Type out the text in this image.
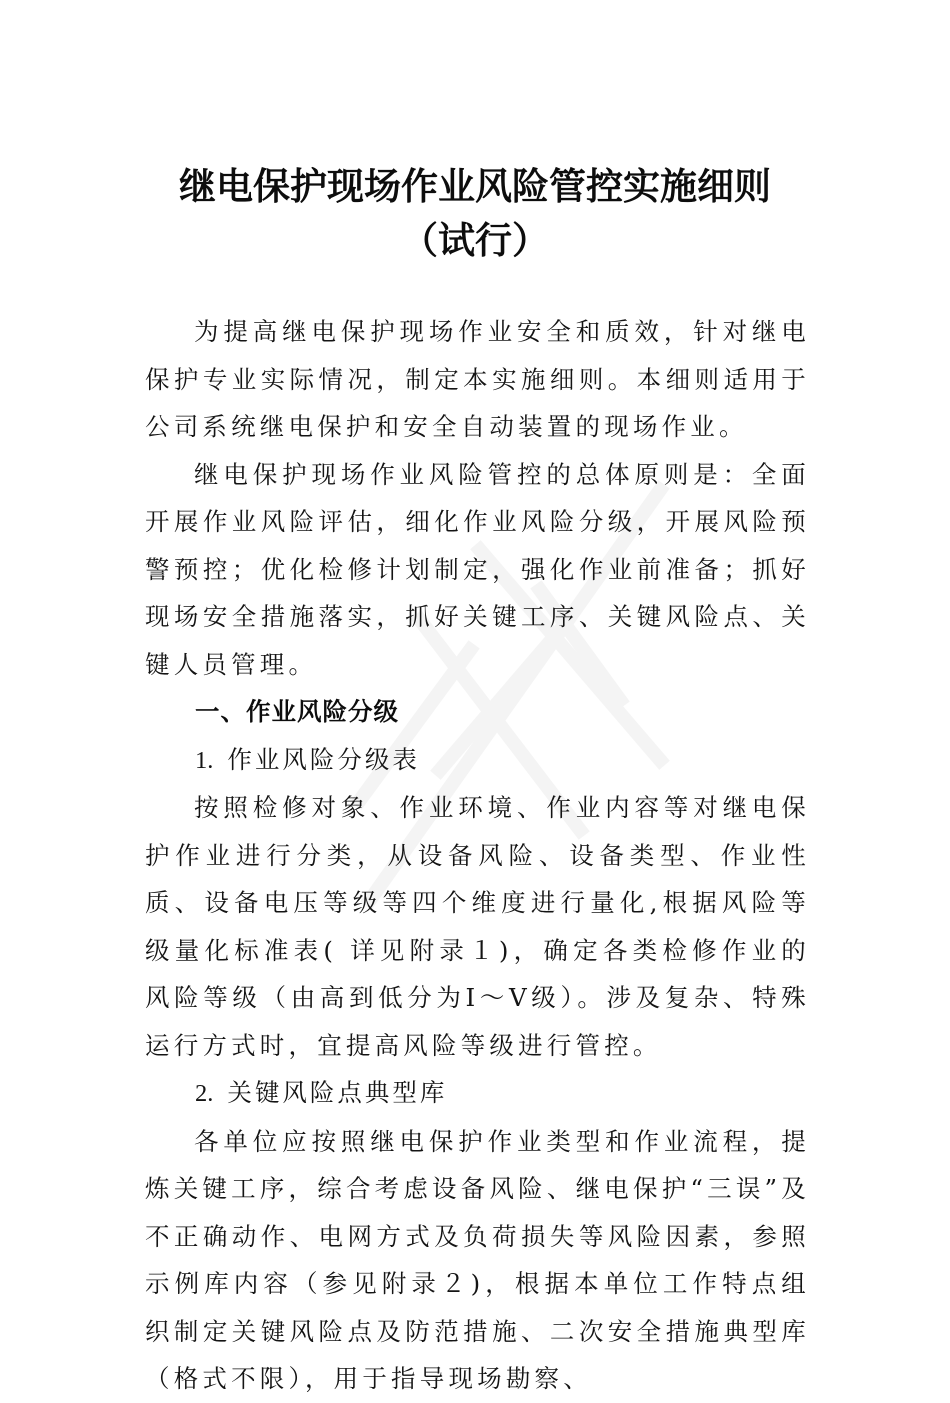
继电保护现场作业风险管控实施细则
（试行）

为提高继电保护现场作业安全和质效，针对继电保护专业实际情况，制定本实施细则。本细则适用于公司系统继电保护和安全自动装置的现场作业。

继电保护现场作业风险管控的总体原则是：全面开展作业风险评估，细化作业风险分级，开展风险预警预控；优化检修计划制定，强化作业前准备；抓好现场安全措施落实，抓好关键工序、关键风险点、关键人员管理。

一、作业风险分级

1. 作业风险分级表

按照检修对象、作业环境、作业内容等对继电保护作业进行分类，从设备风险、设备类型、作业性质、设备电压等级等四个维度进行量化,根据风险等级量化标准表( 详见附录１)，确定各类检修作业的风险等级（由高到低分为Ⅰ～Ⅴ级）。涉及复杂、特殊运行方式时，宜提高风险等级进行管控。

2. 关键风险点典型库

各单位应按照继电保护作业类型和作业流程，提炼关键工序，综合考虑设备风险、继电保护“三误”及不正确动作、电网方式及负荷损失等风险因素，参照示例库内容（参见附录２)，根据本单位工作特点组织制定关键风险点及防范措施、二次安全措施典型库（格式不限），用于指导现场勘察、
